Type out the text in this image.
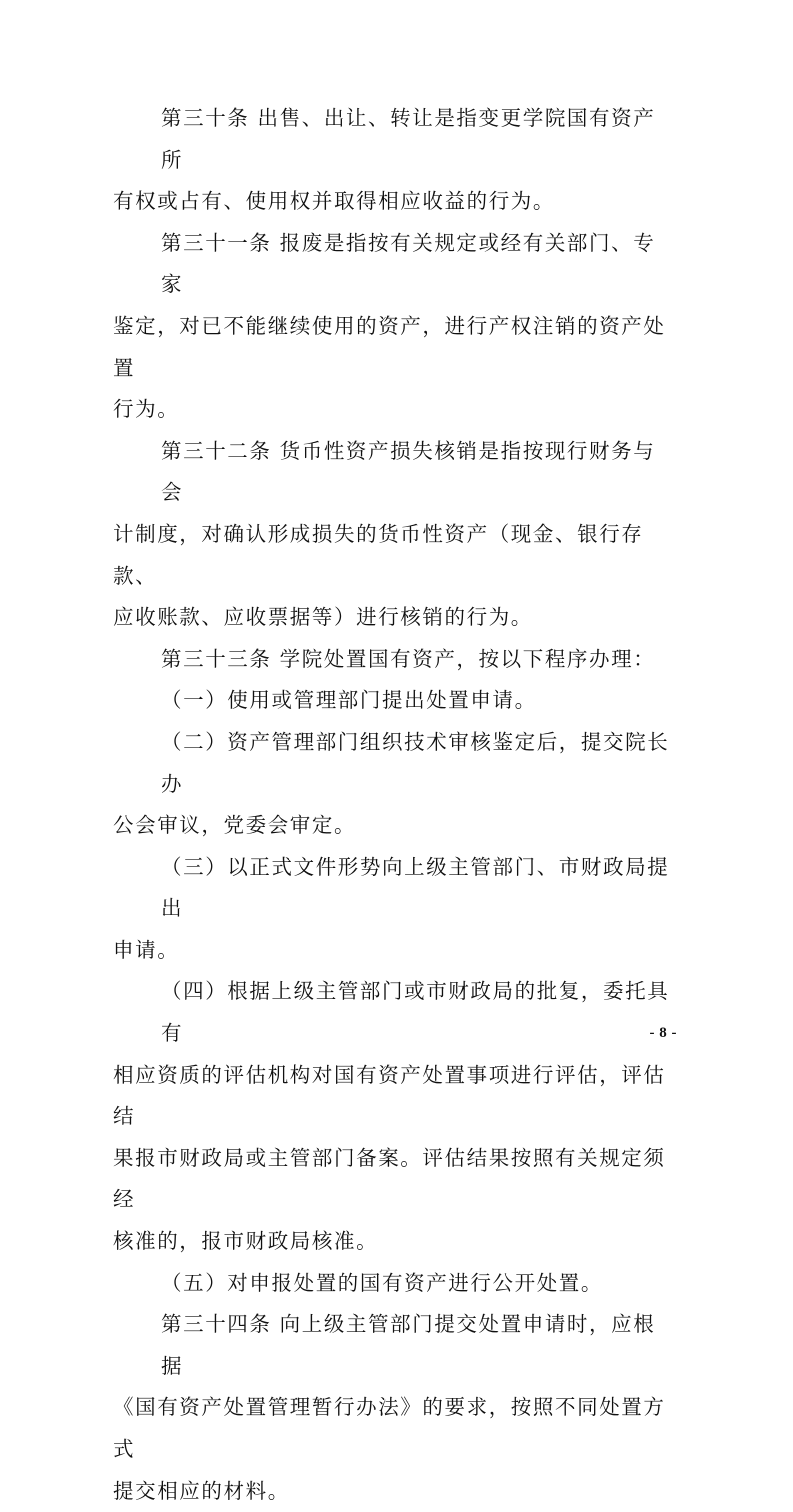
第三十条 出售、出让、转让是指变更学院国有资产所
有权或占有、使用权并取得相应收益的行为。

第三十一条 报废是指按有关规定或经有关部门、专家
鉴定，对已不能继续使用的资产，进行产权注销的资产处置
行为。

第三十二条 货币性资产损失核销是指按现行财务与会
计制度，对确认形成损失的货币性资产（现金、银行存款、
应收账款、应收票据等）进行核销的行为。

第三十三条 学院处置国有资产，按以下程序办理：

（一）使用或管理部门提出处置申请。

（二）资产管理部门组织技术审核鉴定后，提交院长办
公会审议，党委会审定。

（三）以正式文件形势向上级主管部门、市财政局提出
申请。

（四）根据上级主管部门或市财政局的批复，委托具有
相应资质的评估机构对国有资产处置事项进行评估，评估结
果报市财政局或主管部门备案。评估结果按照有关规定须经
核准的，报市财政局核准。

（五）对申报处置的国有资产进行公开处置。

第三十四条 向上级主管部门提交处置申请时，应根据
《国有资产处置管理暂行办法》的要求，按照不同处置方式
提交相应的材料。

- 8 -
